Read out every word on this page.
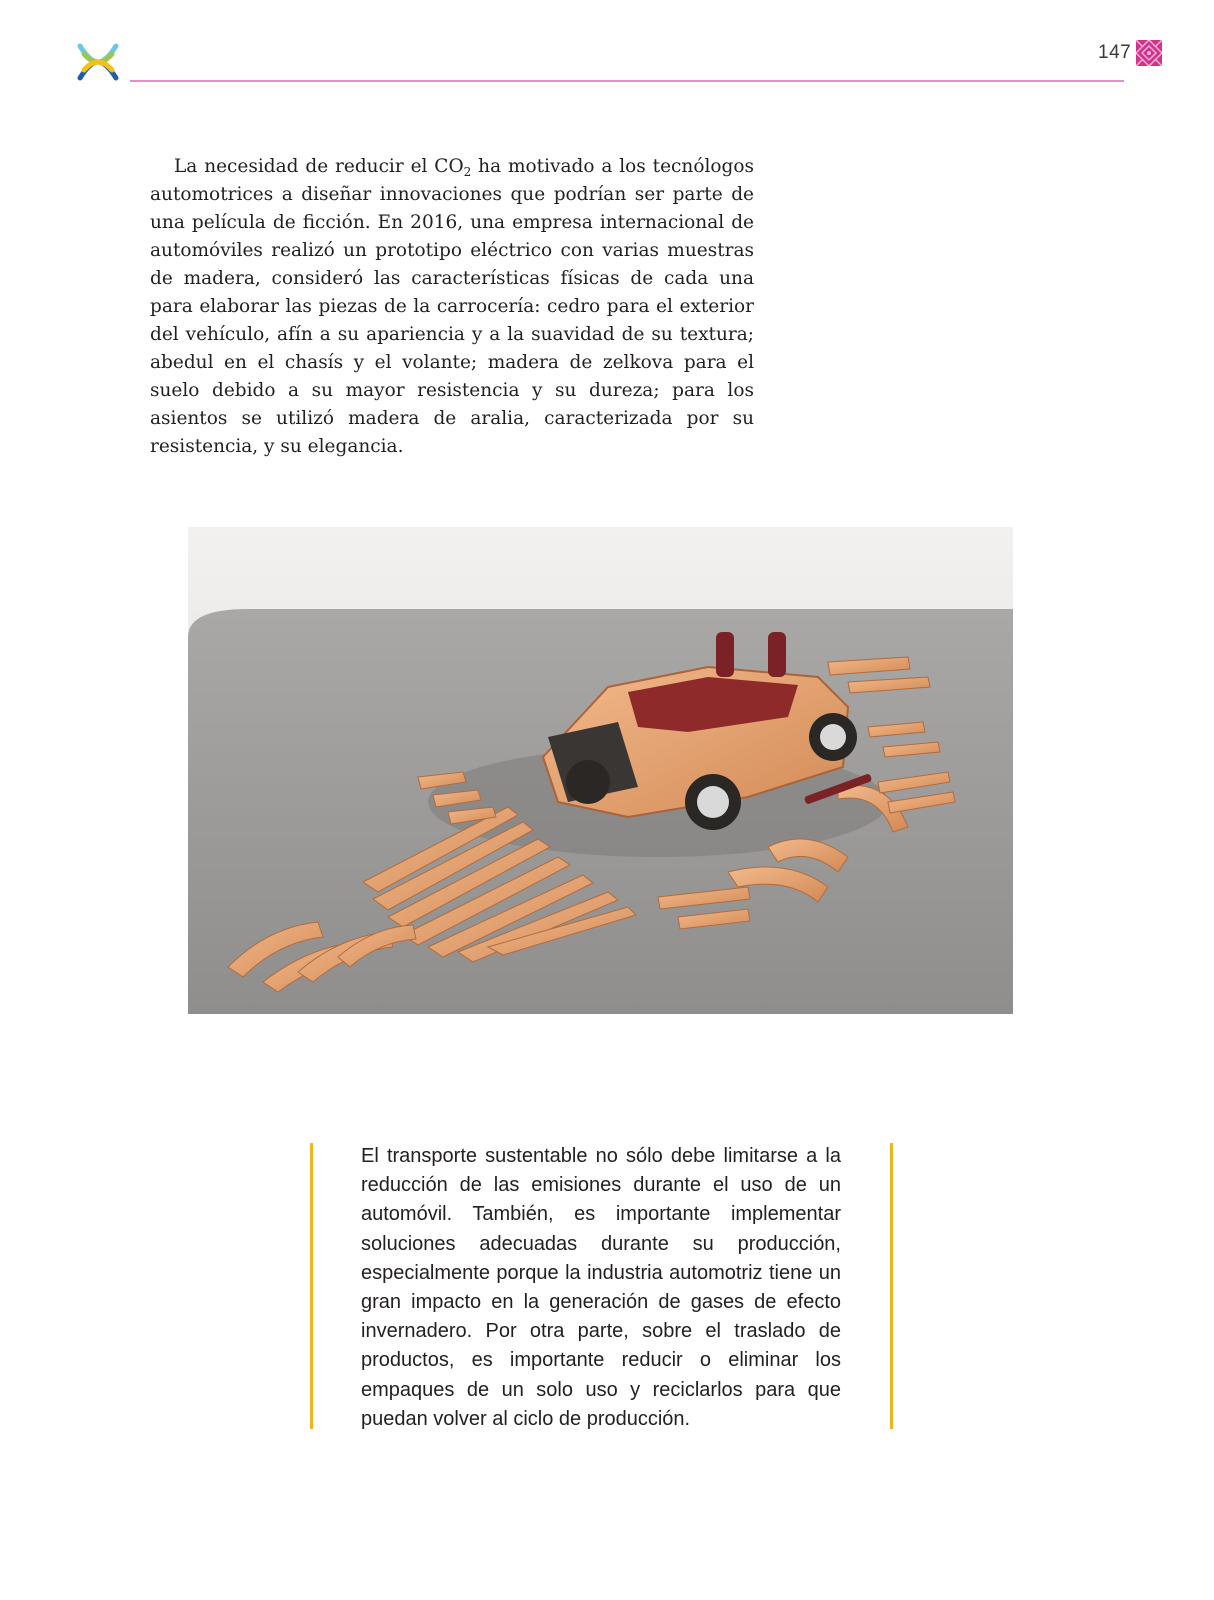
147

La necesidad de reducir el $CO_2$ ha motivado a los tecnólogos automotrices a diseñar innovaciones que podrían ser parte de una película de ficción. En 2016, una empresa internacional de automóviles realizó un prototipo eléctrico con varias muestras de madera, consideró las características físicas de cada una para elaborar las piezas de la carrocería: cedro para el exterior del vehículo, afín a su apariencia y a la suavidad de su textura; abedul en el chasís y el volante; madera de zelkova para el suelo debido a su mayor resistencia y su dureza; para los asientos se utilizó madera de aralia, caracterizada por su resistencia, y su elegancia.

El transporte sustentable no sólo debe limitarse a la reducción de las emisiones durante el uso de un automóvil. También, es importante implementar soluciones adecuadas durante su producción, especialmente porque la industria automotriz tiene un gran impacto en la generación de gases de efecto invernadero. Por otra parte, sobre el traslado de productos, es importante reducir o eliminar los empaques de un solo uso y reciclarlos para que puedan volver al ciclo de producción.
